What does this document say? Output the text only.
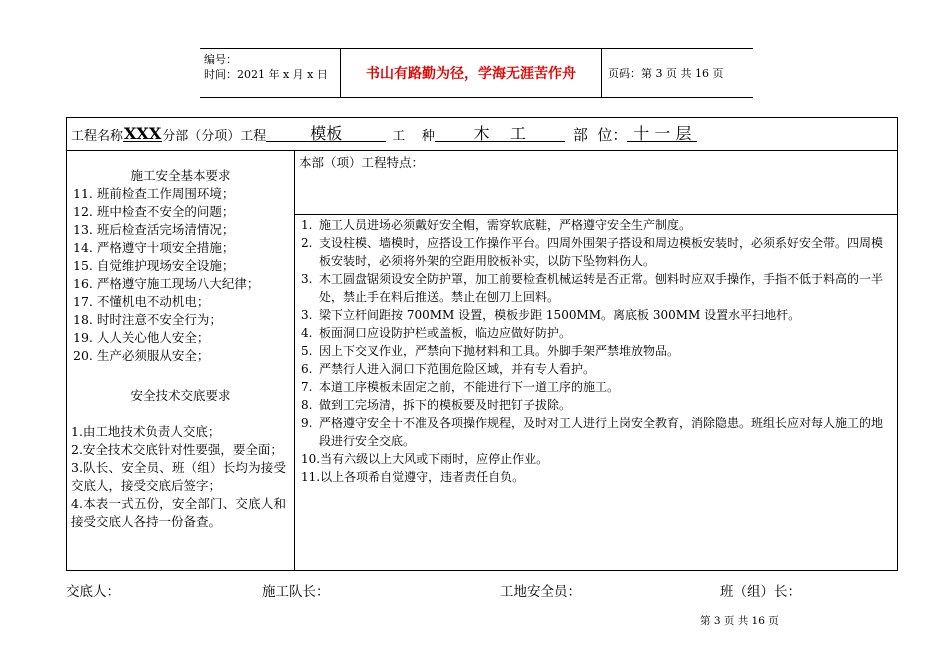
编号：
时间：2021 年 x 月 x 日	书山有路勤为径，学海无涯苦作舟	页码：第 3 页 共 16 页
工程名称 XXX 分部（分项）工程	模板	工    种	木    工	部  位： 十 一 层
施工安全基本要求
11. 班前检查工作周围环境；
12. 班中检查不安全的问题；
13. 班后检查活完场清情况；
14. 严格遵守十项安全措施；
15. 自觉维护现场安全设施；
16. 严格遵守施工现场八大纪律；
17. 不懂机电不动机电；
18. 时时注意不安全行为；
19. 人人关心他人安全；
20. 生产必须服从安全；
安全技术交底要求
1.由工地技术负责人交底；
2.安全技术交底针对性要强，要全面；
3.队长、安全员、班（组）长均为接受交底人，接受交底后签字；
4.本表一式五份，安全部门、交底人和接受交底人各持一份备查。
本部（项）工程特点：
1. 施工人员进场必须戴好安全帽，需穿软底鞋，严格遵守安全生产制度。
2. 支设柱模、墙模时，应搭设工作操作平台。四周外围架子搭设和周边模板安装时，必须系好安全带。四周模板安装时，必须将外架的空距用胶板补实，以防下坠物料伤人。
3. 木工圆盘锯须设安全防护罩，加工前要检查机械运转是否正常。刨料时应双手操作，手指不低于料高的一半处，禁止手在料后推送。禁止在刨刀上回料。
3. 梁下立杆间距按 700MM 设置，模板步距 1500MM。离底板 300MM 设置水平扫地杆。
4. 板面洞口应设防护栏或盖板，临边应做好防护。
5. 因上下交叉作业，严禁向下抛材料和工具。外脚手架严禁堆放物品。
6. 严禁行人进入洞口下范围危险区域，并有专人看护。
7. 本道工序模板未固定之前，不能进行下一道工序的施工。
8. 做到工完场清，拆下的模板要及时把钉子拔除。
9. 严格遵守安全十不准及各项操作规程，及时对工人进行上岗安全教育，消除隐患。班组长应对每人施工的地段进行安全交底。
10. 当有六级以上大风或下雨时，应停止作业。
11. 以上各项希自觉遵守，违者责任自负。
交底人：	施工队长：	工地安全员：	班（组）长：
第 3 页 共 16 页
